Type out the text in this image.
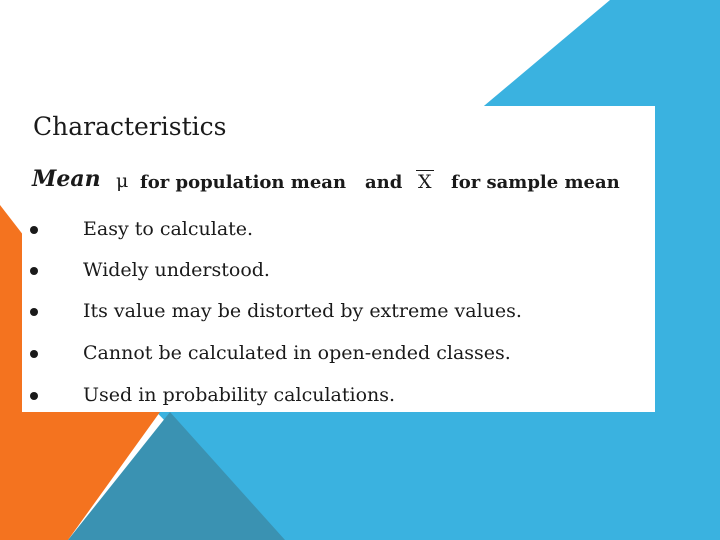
Characteristics
Mean μ for population mean and X for sample mean
Easy to calculate.
Widely understood.
Its value may be distorted by extreme values.
Cannot be calculated in open-ended classes.
Used in probability calculations.
